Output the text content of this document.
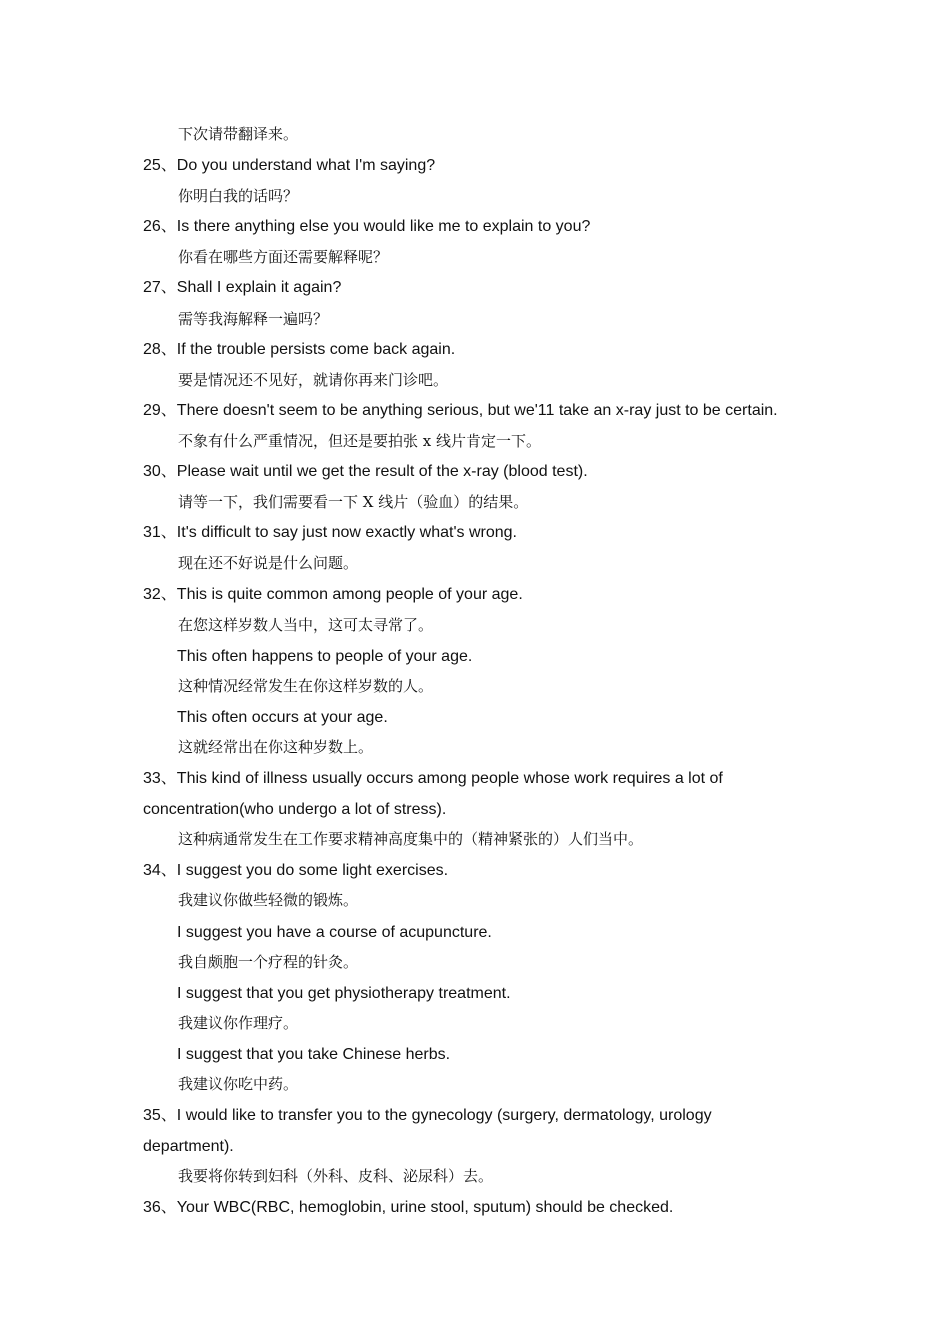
下次请带翻译来。
25、Do you understand what I'm saying?
你明白我的话吗？
26、Is there anything else you would like me to explain to you?
你看在哪些方面还需要解释呢？
27、Shall I explain it again?
需等我海解释一遍吗？
28、If the trouble persists come back again.
要是情况还不见好，就请你再来门诊吧。
29、There doesn't seem to be anything serious, but we'11 take an x-ray just to be certain.
不象有什么严重情况，但还是要拍张 x 线片肯定一下。
30、Please wait until we get the result of the x-ray (blood test).
请等一下，我们需要看一下 X 线片（验血）的结果。
31、It's difficult to say just now exactly what's wrong.
现在还不好说是什么问题。
32、This is quite common among people of your age.
在您这样岁数人当中，这可太寻常了。
This often happens to people of your age.
这种情况经常发生在你这样岁数的人。
This often occurs at your age.
这就经常出在你这种岁数上。
33、This kind of illness usually occurs among people whose work requires a lot of
concentration(who undergo a lot of stress).
这种病通常发生在工作要求精神高度集中的（精神紧张的）人们当中。
34、I suggest you do some light exercises.
我建议你做些轻微的锻炼。
I suggest you have a course of acupuncture.
我自颇胞一个疗程的针灸。
I suggest that you get physiotherapy treatment.
我建议你作理疗。
I suggest that you take Chinese herbs.
我建议你吃中药。
35、I would like to transfer you to the gynecology (surgery, dermatology, urology
department).
我要将你转到妇科（外科、皮科、泌尿科）去。
36、Your WBC(RBC, hemoglobin, urine stool, sputum) should be checked.
